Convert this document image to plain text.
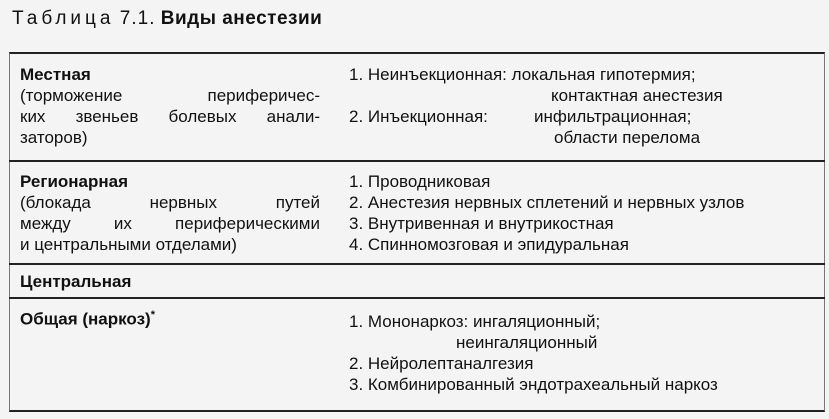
Таблица 7.1. Виды анестезии
Местная
(торможение периферичес-
ких звеньев болевых анали-
заторов)
1. Неинъекционная: локальная гипотермия;
контактная анестезия
2. Инъекционная:	инфильтрационная;
области перелома
Регионарная
(блокада нервных путей
между их периферическими
и центральными отделами)
1. Проводниковая
2. Анестезия нервных сплетений и нервных узлов
3. Внутривенная и внутрикостная
4. Спинномозговая и эпидуральная
Центральная
Общая (наркоз)*	1. Мононаркоз: ингаляционный;
неингаляционный
2. Нейролептаналгезия
3. Комбинированный эндотрахеальный наркоз
